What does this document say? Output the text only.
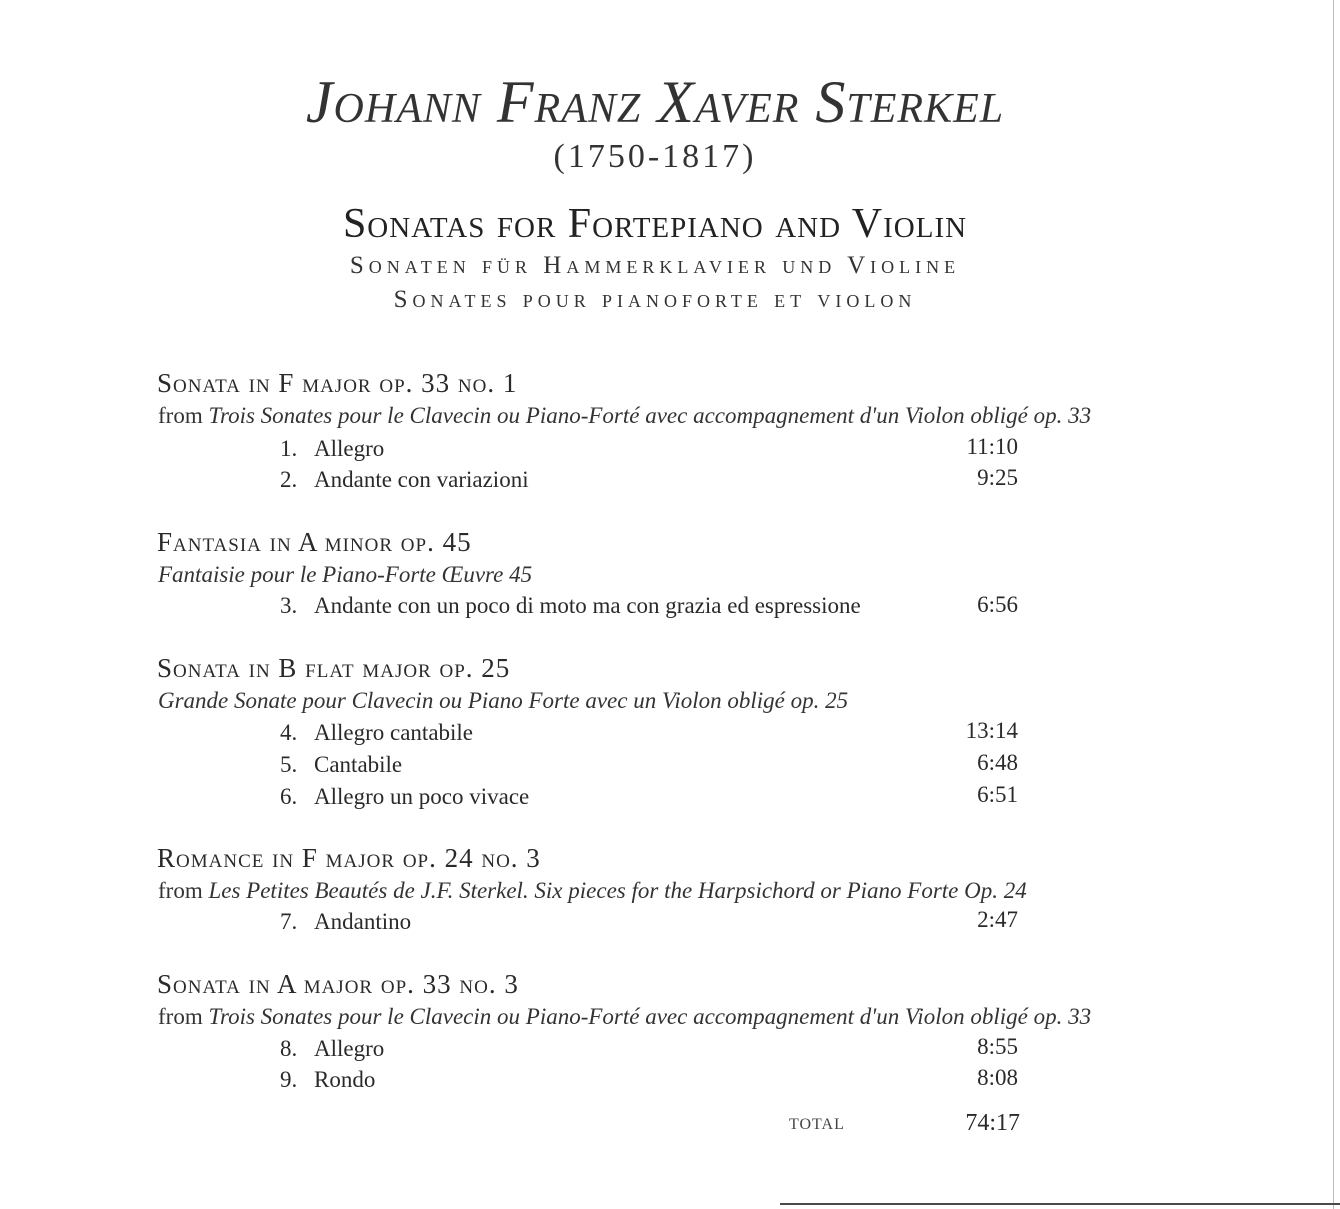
Johann Franz Xaver Sterkel
(1750-1817)
Sonatas for Fortepiano and Violin
Sonaten für Hammerklavier und Violine
Sonates pour pianoforte et violon
Sonata in F major op. 33 no. 1
from Trois Sonates pour le Clavecin ou Piano-Forté avec accompagnement d'un Violon obligé op. 33
1. Allegro	11:10
2. Andante con variazioni	9:25
Fantasia in A minor op. 45
Fantaisie pour le Piano-Forte Œuvre 45
3. Andante con un poco di moto ma con grazia ed espressione	6:56
Sonata in B flat major op. 25
Grande Sonate pour Clavecin ou Piano Forte avec un Violon obligé op. 25
4. Allegro cantabile	13:14
5. Cantabile	6:48
6. Allegro un poco vivace	6:51
Romance in F major op. 24 no. 3
from Les Petites Beautés de J.F. Sterkel. Six pieces for the Harpsichord or Piano Forte Op. 24
7. Andantino	2:47
Sonata in A major op. 33 no. 3
from Trois Sonates pour le Clavecin ou Piano-Forté avec accompagnement d'un Violon obligé op. 33
8. Allegro	8:55
9. Rondo	8:08
TOTAL	74:17
